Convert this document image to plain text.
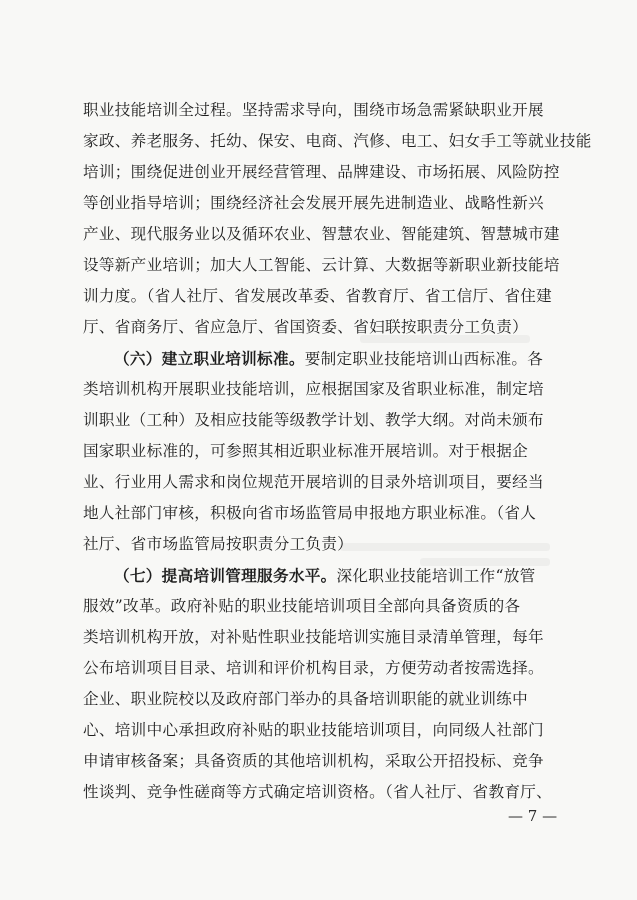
职业技能培训全过程。坚持需求导向，围绕市场急需紧缺职业开展
家政、养老服务、托幼、保安、电商、汽修、电工、妇女手工等就业技能
培训；围绕促进创业开展经营管理、品牌建设、市场拓展、风险防控
等创业指导培训；围绕经济社会发展开展先进制造业、战略性新兴
产业、现代服务业以及循环农业、智慧农业、智能建筑、智慧城市建
设等新产业培训；加大人工智能、云计算、大数据等新职业新技能培
训力度。（省人社厅、省发展改革委、省教育厅、省工信厅、省住建
厅、省商务厅、省应急厅、省国资委、省妇联按职责分工负责）
（六）建立职业培训标准。要制定职业技能培训山西标准。各
类培训机构开展职业技能培训，应根据国家及省职业标准，制定培
训职业（工种）及相应技能等级教学计划、教学大纲。对尚未颁布
国家职业标准的，可参照其相近职业标准开展培训。对于根据企
业、行业用人需求和岗位规范开展培训的目录外培训项目，要经当
地人社部门审核，积极向省市场监管局申报地方职业标准。（省人
社厅、省市场监管局按职责分工负责）
（七）提高培训管理服务水平。深化职业技能培训工作“放管
服效”改革。政府补贴的职业技能培训项目全部向具备资质的各
类培训机构开放，对补贴性职业技能培训实施目录清单管理，每年
公布培训项目目录、培训和评价机构目录，方便劳动者按需选择。
企业、职业院校以及政府部门举办的具备培训职能的就业训练中
心、培训中心承担政府补贴的职业技能培训项目，向同级人社部门
申请审核备案；具备资质的其他培训机构，采取公开招投标、竞争
性谈判、竞争性磋商等方式确定培训资格。（省人社厅、省教育厅、
— 7 —
